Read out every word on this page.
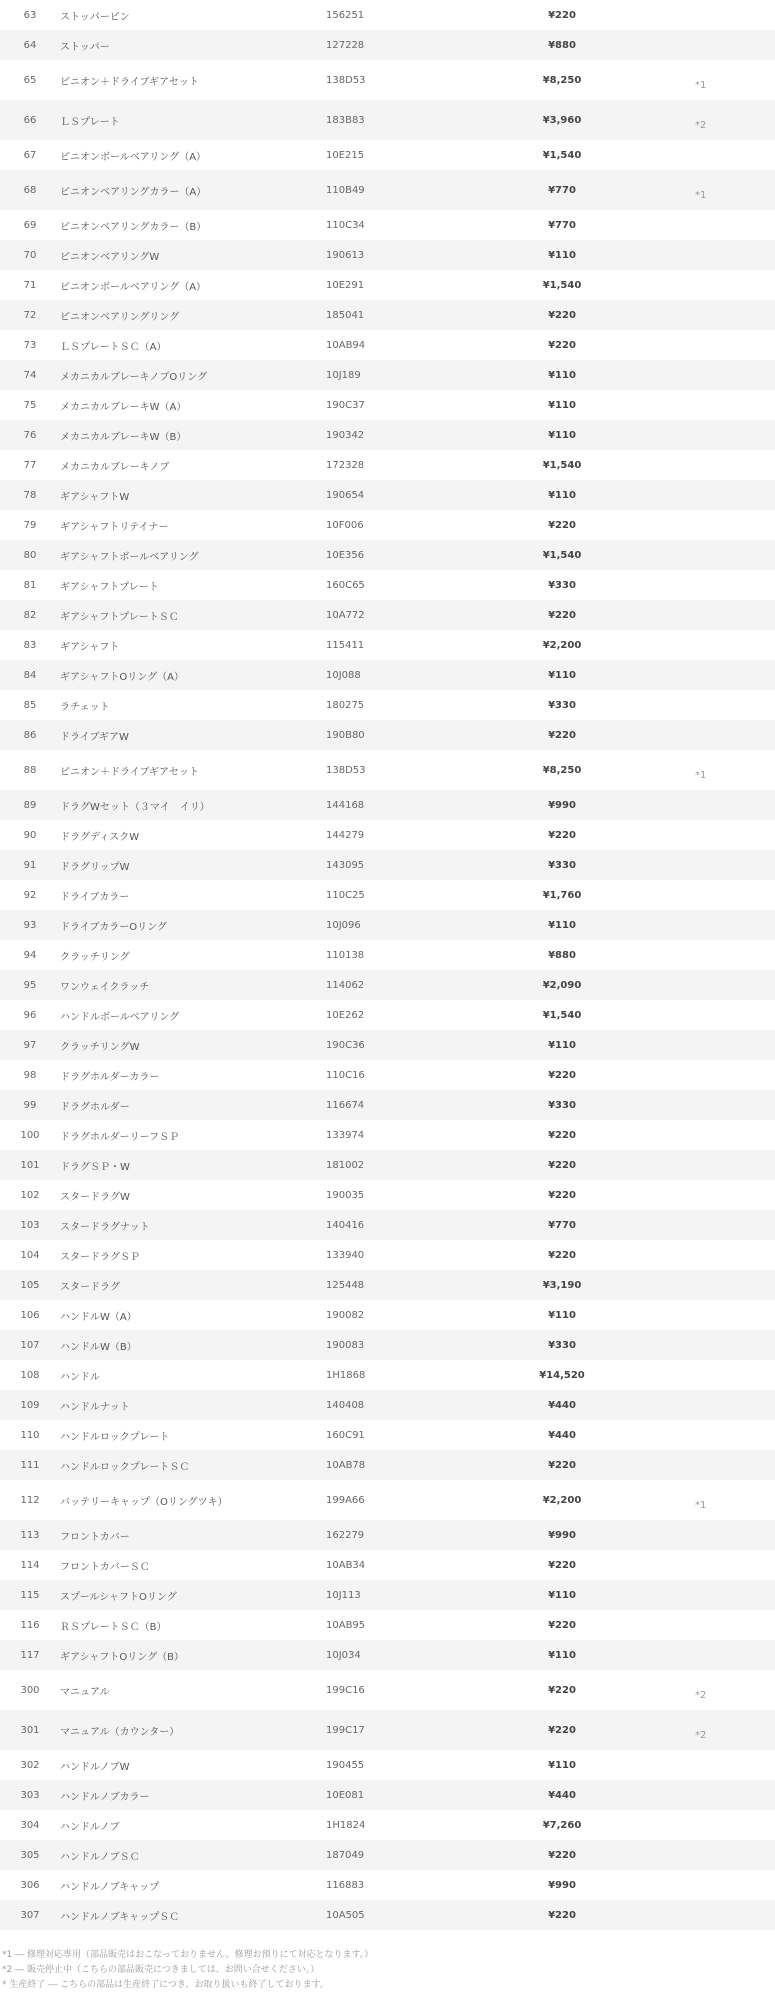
63	ストッパーピン	156251	¥220	
64	ストッパー	127228	¥880	
65	ピニオン＋ドライブギアセット	138D53	¥8,250	*1
66	ＬＳプレート	183B83	¥3,960	*2
67	ピニオンボールベアリング（A）	10E215	¥1,540	
68	ピニオンベアリングカラー（A）	110B49	¥770	*1
69	ピニオンベアリングカラー（B）	110C34	¥770	
70	ピニオンベアリングW	190613	¥110	
71	ピニオンボールベアリング（A）	10E291	¥1,540	
72	ピニオンベアリングリング	185041	¥220	
73	ＬＳプレートＳＣ（A）	10AB94	¥220	
74	メカニカルブレーキノブOリング	10J189	¥110	
75	メカニカルブレーキW（A）	190C37	¥110	
76	メカニカルブレーキW（B）	190342	¥110	
77	メカニカルブレーキノブ	172328	¥1,540	
78	ギアシャフトW	190654	¥110	
79	ギアシャフトリテイナー	10F006	¥220	
80	ギアシャフトボールベアリング	10E356	¥1,540	
81	ギアシャフトプレート	160C65	¥330	
82	ギアシャフトプレートＳＣ	10A772	¥220	
83	ギアシャフト	115411	¥2,200	
84	ギアシャフトOリング（A）	10J088	¥110	
85	ラチェット	180275	¥330	
86	ドライブギアW	190B80	¥220	
88	ピニオン＋ドライブギアセット	138D53	¥8,250	*1
89	ドラグWセット（３マイ　イリ）	144168	¥990	
90	ドラグディスクW	144279	¥220	
91	ドラグリップW	143095	¥330	
92	ドライブカラー	110C25	¥1,760	
93	ドライブカラーOリング	10J096	¥110	
94	クラッチリング	110138	¥880	
95	ワンウェイクラッチ	114062	¥2,090	
96	ハンドルボールベアリング	10E262	¥1,540	
97	クラッチリングW	190C36	¥110	
98	ドラグホルダーカラー	110C16	¥220	
99	ドラグホルダー	116674	¥330	
100	ドラグホルダーリーフＳＰ	133974	¥220	
101	ドラグＳＰ・W	181002	¥220	
102	スタードラグW	190035	¥220	
103	スタードラグナット	140416	¥770	
104	スタードラグＳＰ	133940	¥220	
105	スタードラグ	125448	¥3,190	
106	ハンドルW（A）	190082	¥110	
107	ハンドルW（B）	190083	¥330	
108	ハンドル	1H1868	¥14,520	
109	ハンドルナット	140408	¥440	
110	ハンドルロックプレート	160C91	¥440	
111	ハンドルロックプレートＳＣ	10AB78	¥220	
112	バッテリーキャップ（Oリングツキ）	199A66	¥2,200	*1
113	フロントカバー	162279	¥990	
114	フロントカバーＳＣ	10AB34	¥220	
115	スプールシャフトOリング	10J113	¥110	
116	ＲＳプレートＳＣ（B）	10AB95	¥220	
117	ギアシャフトOリング（B）	10J034	¥110	
300	マニュアル	199C16	¥220	*2
301	マニュアル（カウンター）	199C17	¥220	*2
302	ハンドルノブW	190455	¥110	
303	ハンドルノブカラー	10E081	¥440	
304	ハンドルノブ	1H1824	¥7,260	
305	ハンドルノブＳＣ	187049	¥220	
306	ハンドルノブキャップ	116883	¥990	
307	ハンドルノブキャップＳＣ	10A505	¥220	
*1 ― 修理対応専用（部品販売はおこなっておりません。修理お預りにて対応となります。）
*2 ― 販売停止中（こちらの部品販売につきましては、お問い合せください。）
* 生産終了 ― こちらの部品は生産終了につき、お取り扱いも終了しております。
